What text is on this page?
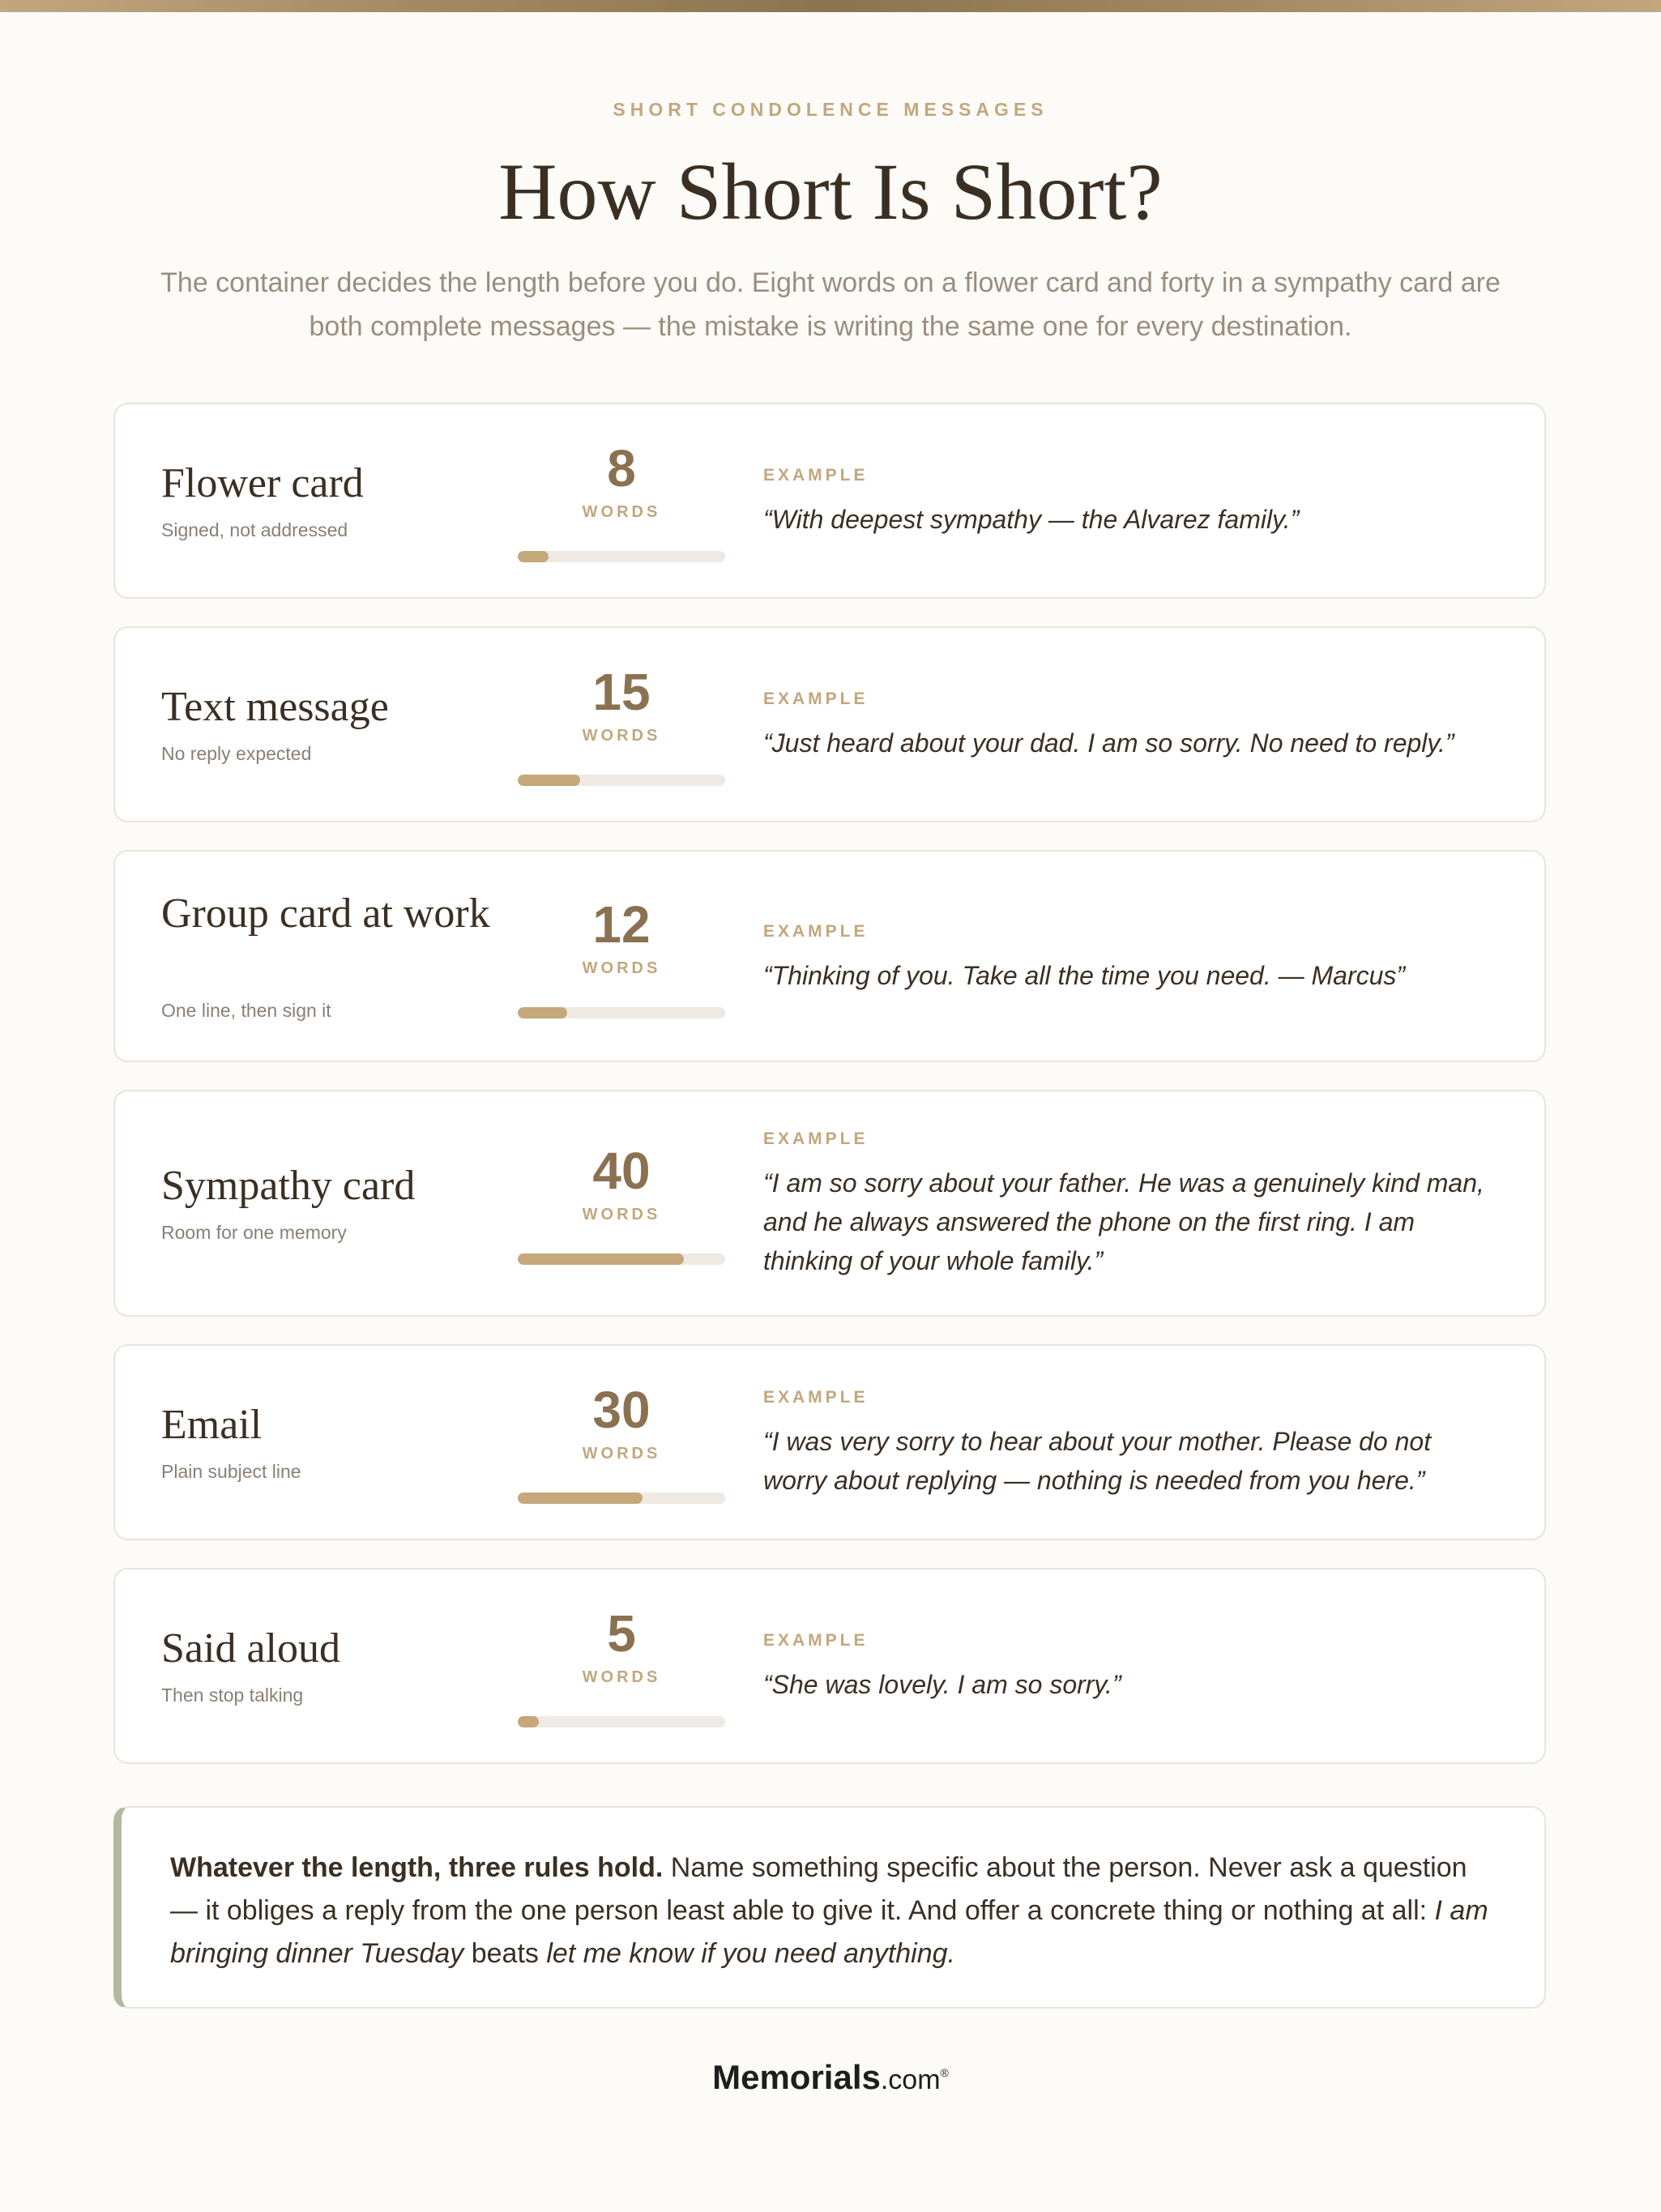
SHORT CONDOLENCE MESSAGES
How Short Is Short?
The container decides the length before you do. Eight words on a flower card and forty in a sympathy card are both complete messages — the mistake is writing the same one for every destination.
Flower card
Signed, not addressed
8
WORDS
EXAMPLE
“With deepest sympathy — the Alvarez family.”
Text message
No reply expected
15
WORDS
EXAMPLE
“Just heard about your dad. I am so sorry. No need to reply.”
Group card at work
One line, then sign it
12
WORDS
EXAMPLE
“Thinking of you. Take all the time you need. — Marcus”
Sympathy card
Room for one memory
40
WORDS
EXAMPLE
“I am so sorry about your father. He was a genuinely kind man, and he always answered the phone on the first ring. I am thinking of your whole family.”
Email
Plain subject line
30
WORDS
EXAMPLE
“I was very sorry to hear about your mother. Please do not worry about replying — nothing is needed from you here.”
Said aloud
Then stop talking
5
WORDS
EXAMPLE
“She was lovely. I am so sorry.”
Whatever the length, three rules hold. Name something specific about the person. Never ask a question — it obliges a reply from the one person least able to give it. And offer a concrete thing or nothing at all: I am bringing dinner Tuesday beats let me know if you need anything.
Memorials.com®
